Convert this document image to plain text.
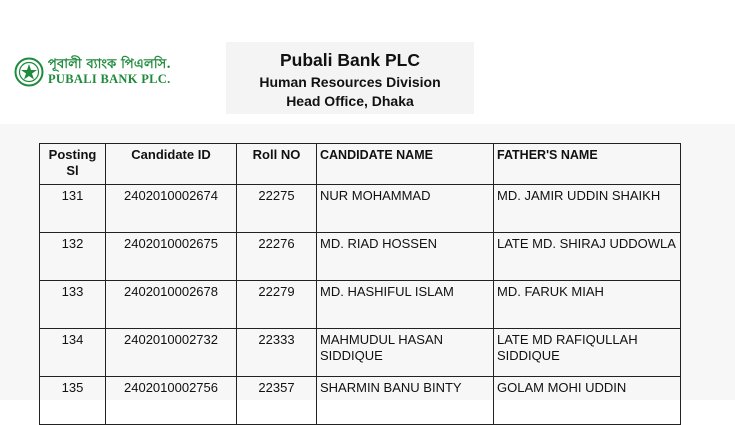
পূবালী ব্যাংক পিএলসি.
PUBALI BANK PLC.
Pubali Bank PLC
Human Resources Division
Head Office, Dhaka
Posting Sl	Candidate ID	Roll NO	CANDIDATE NAME	FATHER'S NAME
131	2402010002674	22275	NUR MOHAMMAD	MD. JAMIR UDDIN SHAIKH
132	2402010002675	22276	MD. RIAD HOSSEN	LATE MD. SHIRAJ UDDOWLA
133	2402010002678	22279	MD. HASHIFUL ISLAM	MD. FARUK MIAH
134	2402010002732	22333	MAHMUDUL HASAN SIDDIQUE	LATE MD RAFIQULLAH SIDDIQUE
135	2402010002756	22357	SHARMIN BANU BINTY	GOLAM MOHI UDDIN
